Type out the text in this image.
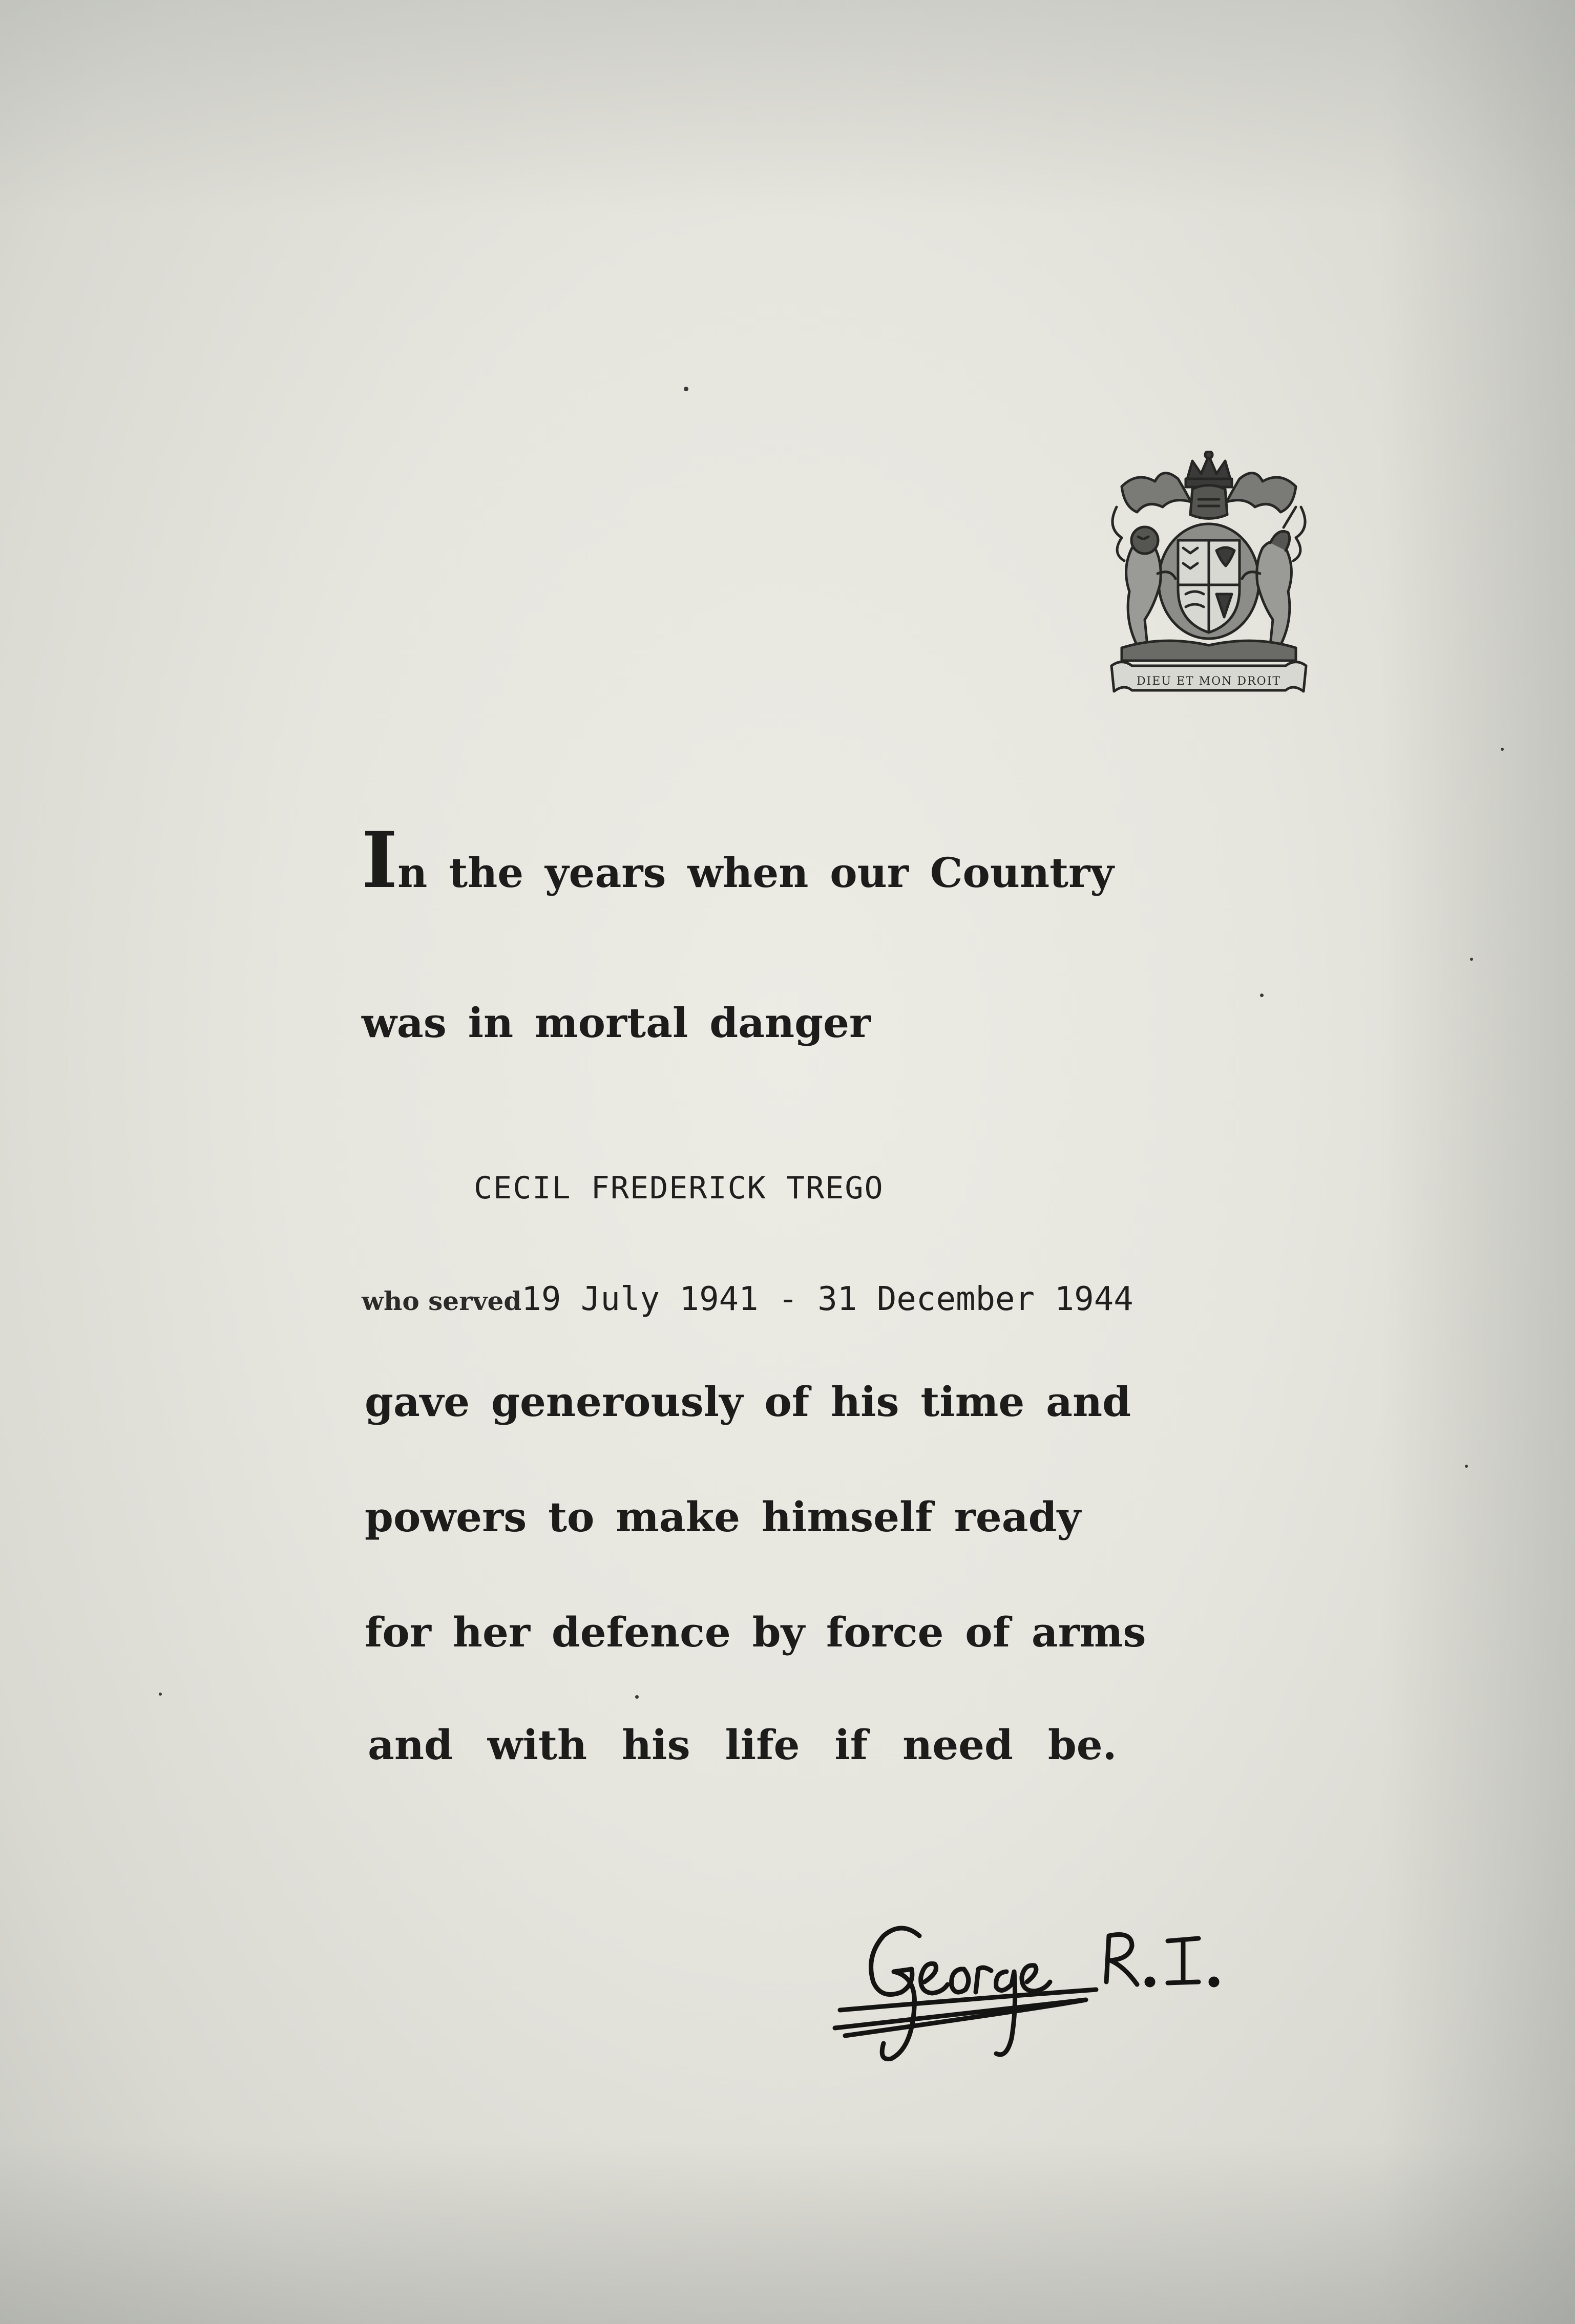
DIEU ET MON DROIT
In the years when our Country
was in mortal danger
CECIL FREDERICK TREGO
who served19 July 1941 - 31 December 1944
gave generously of his time and
powers to make himself ready
for her defence by force of arms
and with his life if need be.
